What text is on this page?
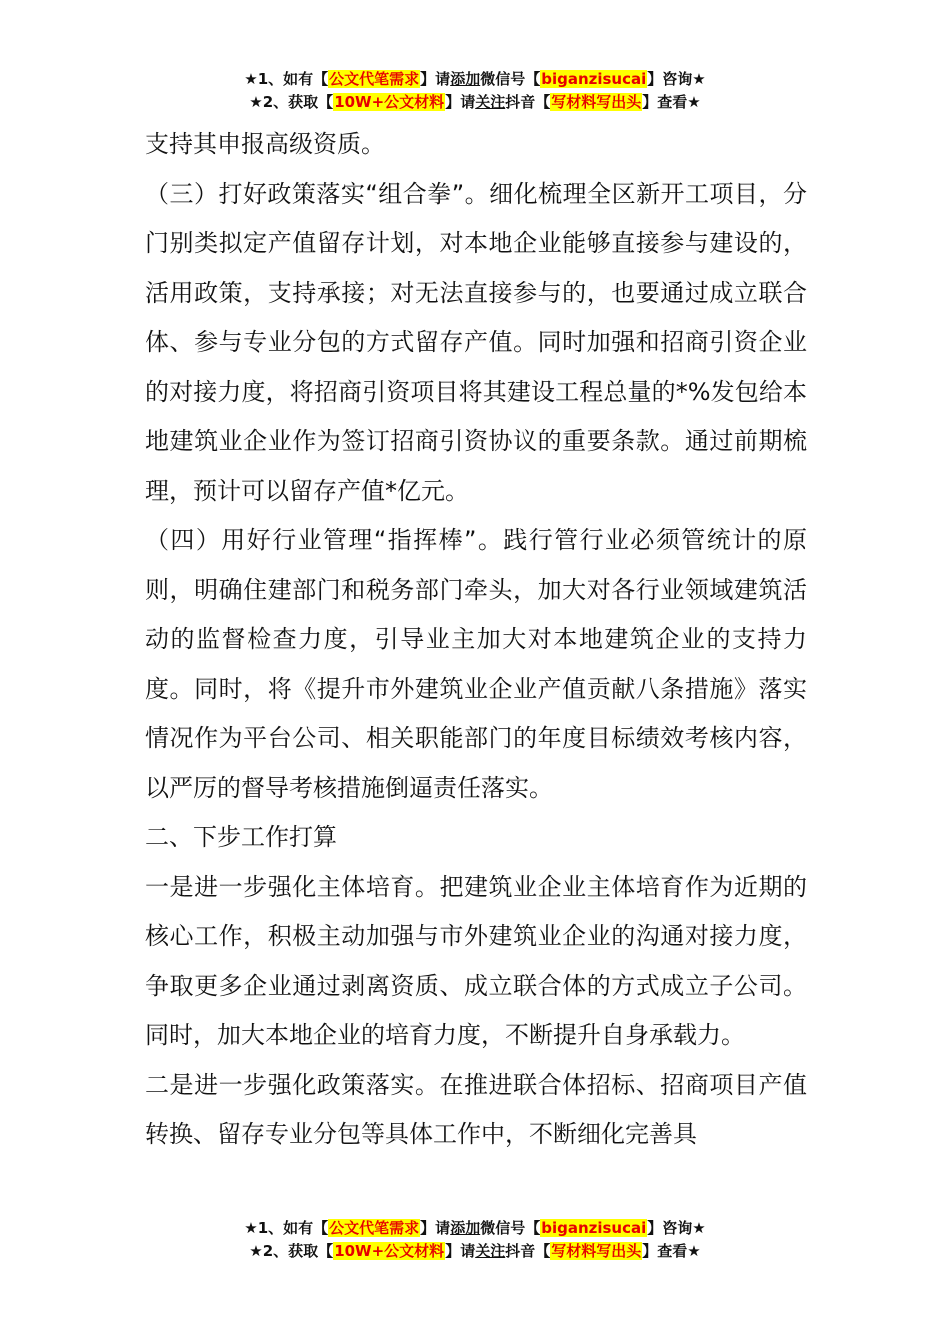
★1、如有【公文代笔需求】请添加微信号【biganzisucai】咨询★
★2、获取【10W+公文材料】请关注抖音【写材料写出头】查看★

支持其申报高级资质。

（三）打好政策落实“组合拳”。细化梳理全区新开工项目，分门别类拟定产值留存计划，对本地企业能够直接参与建设的，活用政策，支持承接；对无法直接参与的，也要通过成立联合体、参与专业分包的方式留存产值。同时加强和招商引资企业的对接力度，将招商引资项目将其建设工程总量的*%发包给本地建筑业企业作为签订招商引资协议的重要条款。通过前期梳理，预计可以留存产值*亿元。

（四）用好行业管理“指挥棒”。践行管行业必须管统计的原则，明确住建部门和税务部门牵头，加大对各行业领域建筑活动的监督检查力度，引导业主加大对本地建筑企业的支持力度。同时，将《提升市外建筑业企业产值贡献八条措施》落实情况作为平台公司、相关职能部门的年度目标绩效考核内容，以严厉的督导考核措施倒逼责任落实。

二、下步工作打算

一是进一步强化主体培育。把建筑业企业主体培育作为近期的核心工作，积极主动加强与市外建筑业企业的沟通对接力度，争取更多企业通过剥离资质、成立联合体的方式成立子公司。同时，加大本地企业的培育力度，不断提升自身承载力。

二是进一步强化政策落实。在推进联合体招标、招商项目产值转换、留存专业分包等具体工作中，不断细化完善具

★1、如有【公文代笔需求】请添加微信号【biganzisucai】咨询★
★2、获取【10W+公文材料】请关注抖音【写材料写出头】查看★
